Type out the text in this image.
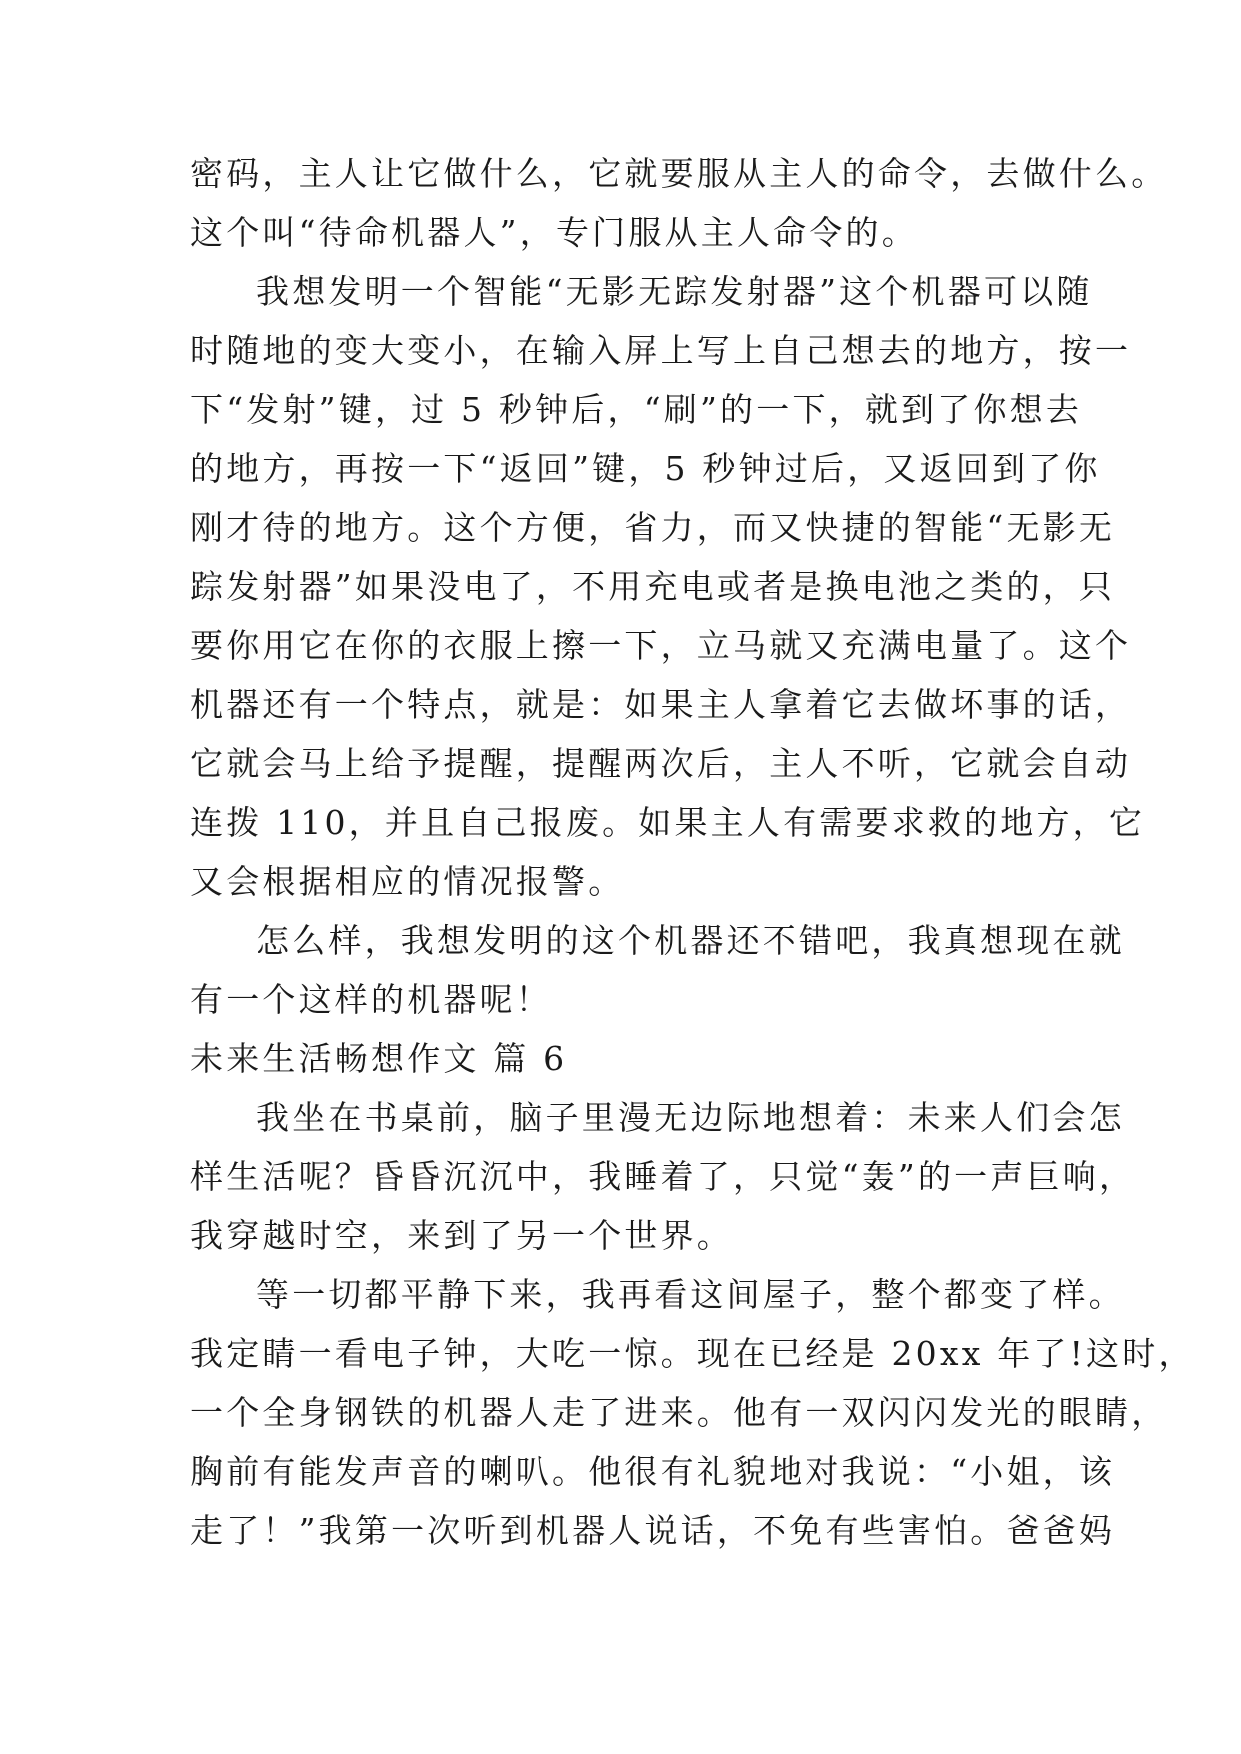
密码，主人让它做什么，它就要服从主人的命令，去做什么。
这个叫“待命机器人”，专门服从主人命令的。
我想发明一个智能“无影无踪发射器”这个机器可以随
时随地的变大变小，在输入屏上写上自己想去的地方，按一
下“发射”键，过 5 秒钟后，“刷”的一下，就到了你想去
的地方，再按一下“返回”键，5 秒钟过后，又返回到了你
刚才待的地方。这个方便，省力，而又快捷的智能“无影无
踪发射器”如果没电了，不用充电或者是换电池之类的，只
要你用它在你的衣服上擦一下，立马就又充满电量了。这个
机器还有一个特点，就是：如果主人拿着它去做坏事的话，
它就会马上给予提醒，提醒两次后，主人不听，它就会自动
连拨 110，并且自己报废。如果主人有需要求救的地方，它
又会根据相应的情况报警。
怎么样，我想发明的这个机器还不错吧，我真想现在就
有一个这样的机器呢！
未来生活畅想作文 篇 6
我坐在书桌前，脑子里漫无边际地想着：未来人们会怎
样生活呢？昏昏沉沉中，我睡着了，只觉“轰”的一声巨响，
我穿越时空，来到了另一个世界。
等一切都平静下来，我再看这间屋子，整个都变了样。
我定睛一看电子钟，大吃一惊。现在已经是 20xx 年了!这时，
一个全身钢铁的机器人走了进来。他有一双闪闪发光的眼睛，
胸前有能发声音的喇叭。他很有礼貌地对我说：“小姐，该
走了！”我第一次听到机器人说话，不免有些害怕。爸爸妈
